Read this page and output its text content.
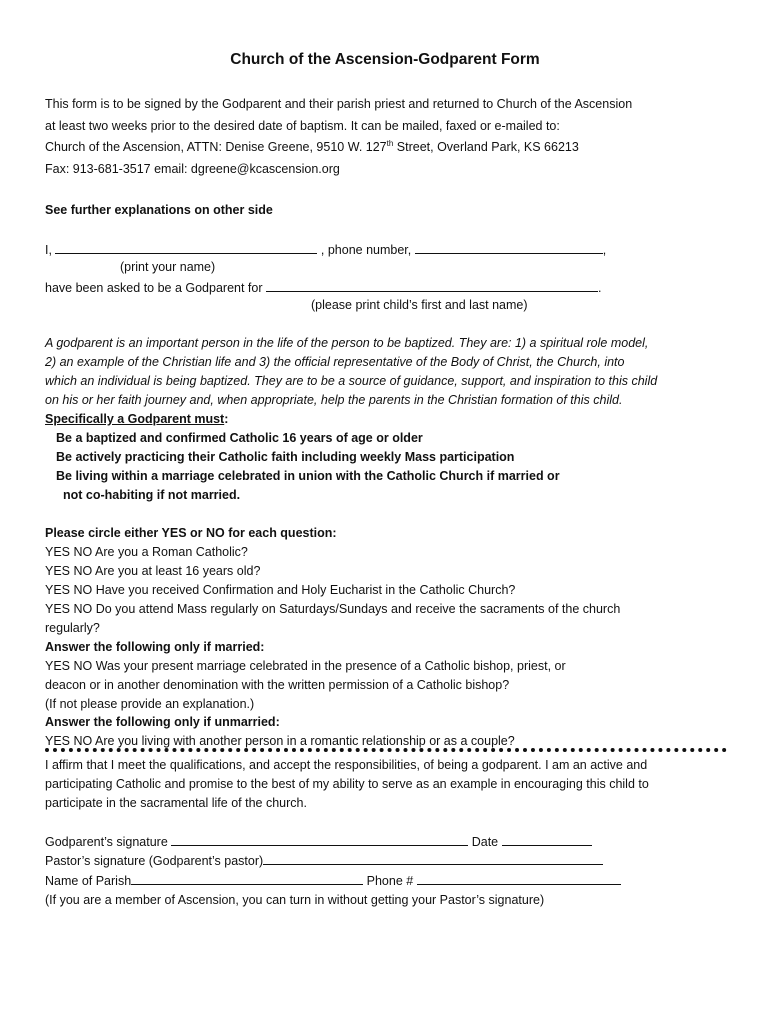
Church of the Ascension-Godparent Form
This form is to be signed by the Godparent and their parish priest and returned to Church of the Ascension
at least two weeks prior to the desired date of baptism. It can be mailed, faxed or e-mailed to:
Church of the Ascension, ATTN: Denise Greene, 9510 W. 127th Street, Overland Park, KS 66213
Fax: 913-681-3517 email: dgreene@kcascension.org
See further explanations on other side
I,	, phone number,	,
(print your name)
have been asked to be a Godparent for	.
(please print child’s first and last name)
A godparent is an important person in the life of the person to be baptized. They are: 1) a spiritual role model,
2) an example of the Christian life and 3) the official representative of the Body of Christ, the Church, into
which an individual is being baptized. They are to be a source of guidance, support, and inspiration to this child
on his or her faith journey and, when appropriate, help the parents in the Christian formation of this child.
Specifically a Godparent must:
Be a baptized and confirmed Catholic 16 years of age or older
Be actively practicing their Catholic faith including weekly Mass participation
Be living within a marriage celebrated in union with the Catholic Church if married or
not co-habiting if not married.
Please circle either YES or NO for each question:
YES NO Are you a Roman Catholic?
YES NO Are you at least 16 years old?
YES NO Have you received Confirmation and Holy Eucharist in the Catholic Church?
YES NO Do you attend Mass regularly on Saturdays/Sundays and receive the sacraments of the church
regularly?
Answer the following only if married:
YES NO Was your present marriage celebrated in the presence of a Catholic bishop, priest, or
deacon or in another denomination with the written permission of a Catholic bishop?
(If not please provide an explanation.)
Answer the following only if unmarried:
YES NO Are you living with another person in a romantic relationship or as a couple?
I affirm that I meet the qualifications, and accept the responsibilities, of being a godparent. I am an active and
participating Catholic and promise to the best of my ability to serve as an example in encouraging this child to
participate in the sacramental life of the church.
Godparent’s signature	Date
Pastor’s signature (Godparent’s pastor)
Name of Parish	Phone #
(If you are a member of Ascension, you can turn in without getting your Pastor’s signature)
